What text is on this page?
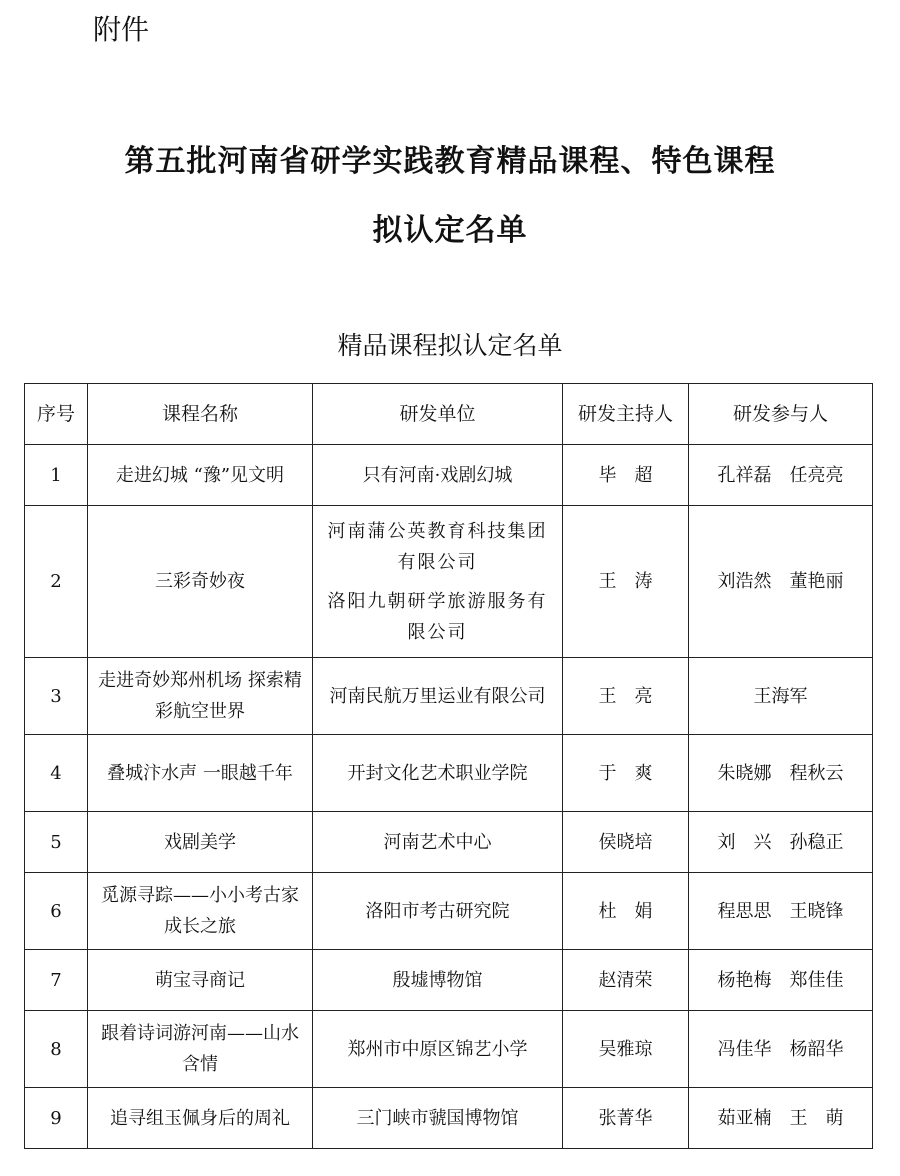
附件
第五批河南省研学实践教育精品课程、特色课程
拟认定名单
精品课程拟认定名单
序号	课程名称	研发单位	研发主持人	研发参与人
1	走进幻城 “豫”见文明	只有河南·戏剧幻城	毕　超	孔祥磊　任亮亮
2	三彩奇妙夜	河南蒲公英教育科技集团有限公司
洛阳九朝研学旅游服务有限公司	王　涛	刘浩然　董艳丽
3	走进奇妙郑州机场 探索精彩航空世界	河南民航万里运业有限公司	王　亮	王海军
4	叠城汴水声 一眼越千年	开封文化艺术职业学院	于　爽	朱晓娜　程秋云
5	戏剧美学	河南艺术中心	侯晓培	刘　兴　孙稳正
6	觅源寻踪——小小考古家成长之旅	洛阳市考古研究院	杜　娟	程思思　王晓锋
7	萌宝寻商记	殷墟博物馆	赵清荣	杨艳梅　郑佳佳
8	跟着诗词游河南——山水含情	郑州市中原区锦艺小学	吴雅琼	冯佳华　杨韶华
9	追寻组玉佩身后的周礼	三门峡市虢国博物馆	张菁华	茹亚楠　王　萌
